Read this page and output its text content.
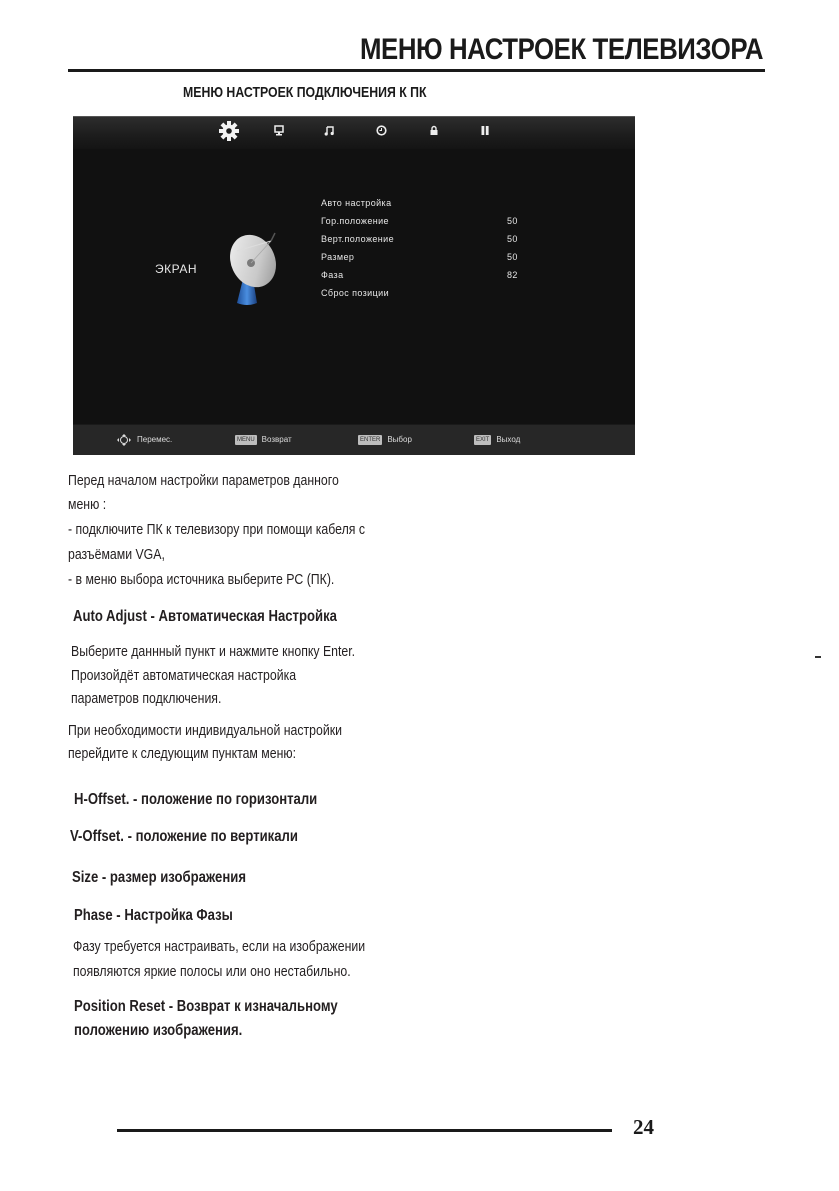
МЕНЮ НАСТРОЕК ТЕЛЕВИЗОРА
МЕНЮ НАСТРОЕК ПОДКЛЮЧЕНИЯ К ПК
ЭКРАН
Авто настройка
Гор.положение	50
Верт.положение	50
Размер	50
Фаза	82
Сброс позиции
Перемес.	MENU Возврат	ENTER Выбор	EXIT Выход
Перед началом настройки параметров данного
меню :
- подключите ПК к телевизору при помощи кабеля с
разъёмами VGA,
- в меню выбора источника выберите PC (ПК).
Auto Adjust - Автоматическая Настройка
Выберите даннный пункт и нажмите кнопку Enter.
Произойдёт автоматическая настройка
параметров подключения.
При необходимости индивидуальной настройки
перейдите к следующим пунктам меню:
H-Offset. - положение по горизонтали
V-Offset. - положение по вертикали
Size - размер изображения
Phase - Настройка Фазы
Фазу требуется настраивать, если на изображении
появляются яркие полосы или оно нестабильно.
Position Reset - Возврат к изначальному
положению изображения.
24
